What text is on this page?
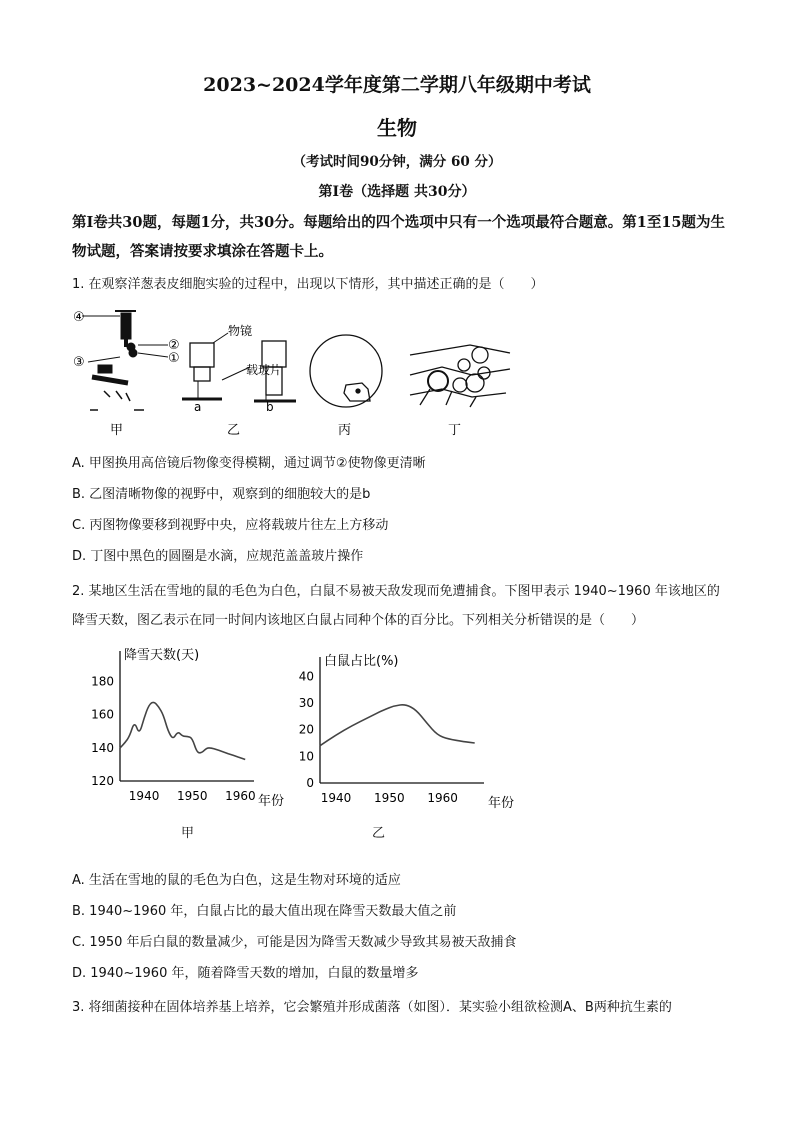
2023~2024学年度第二学期八年级期中考试
生物
（考试时间90分钟，满分 60 分）
第Ⅰ卷（选择题 共30分）
第Ⅰ卷共30题，每题1分，共30分。每题给出的四个选项中只有一个选项最符合题意。第1至15题为生物试题，答案请按要求填涂在答题卡上。
1. 在观察洋葱表皮细胞实验的过程中，出现以下情形，其中描述正确的是（　　）
④
②
③	①
物镜
载玻片
a	b
甲	乙	丙	丁
A. 甲图换用高倍镜后物像变得模糊，通过调节②使物像更清晰
B. 乙图清晰物像的视野中，观察到的细胞较大的是b
C. 丙图物像要移到视野中央，应将载玻片往左上方移动
D. 丁图中黑色的圆圈是水滴，应规范盖盖玻片操作
2. 某地区生活在雪地的鼠的毛色为白色，白鼠不易被天敌发现而免遭捕食。下图甲表示 1940~1960 年该地区的降雪天数，图乙表示在同一时间内该地区白鼠占同种个体的百分比。下列相关分析错误的是（　　）
降雪天数(天)
年份
120
140
160
180
1940 1950 1960
白鼠占比(%)
年份
0
10
20
30
40
1940 1950 1960
甲	乙
A. 生活在雪地的鼠的毛色为白色，这是生物对环境的适应
B. 1940~1960 年，白鼠占比的最大值出现在降雪天数最大值之前
C. 1950 年后白鼠的数量减少，可能是因为降雪天数减少导致其易被天敌捕食
D. 1940~1960 年，随着降雪天数的增加，白鼠的数量增多
3. 将细菌接种在固体培养基上培养，它会繁殖并形成菌落（如图）．某实验小组欲检测A、B两种抗生素的
